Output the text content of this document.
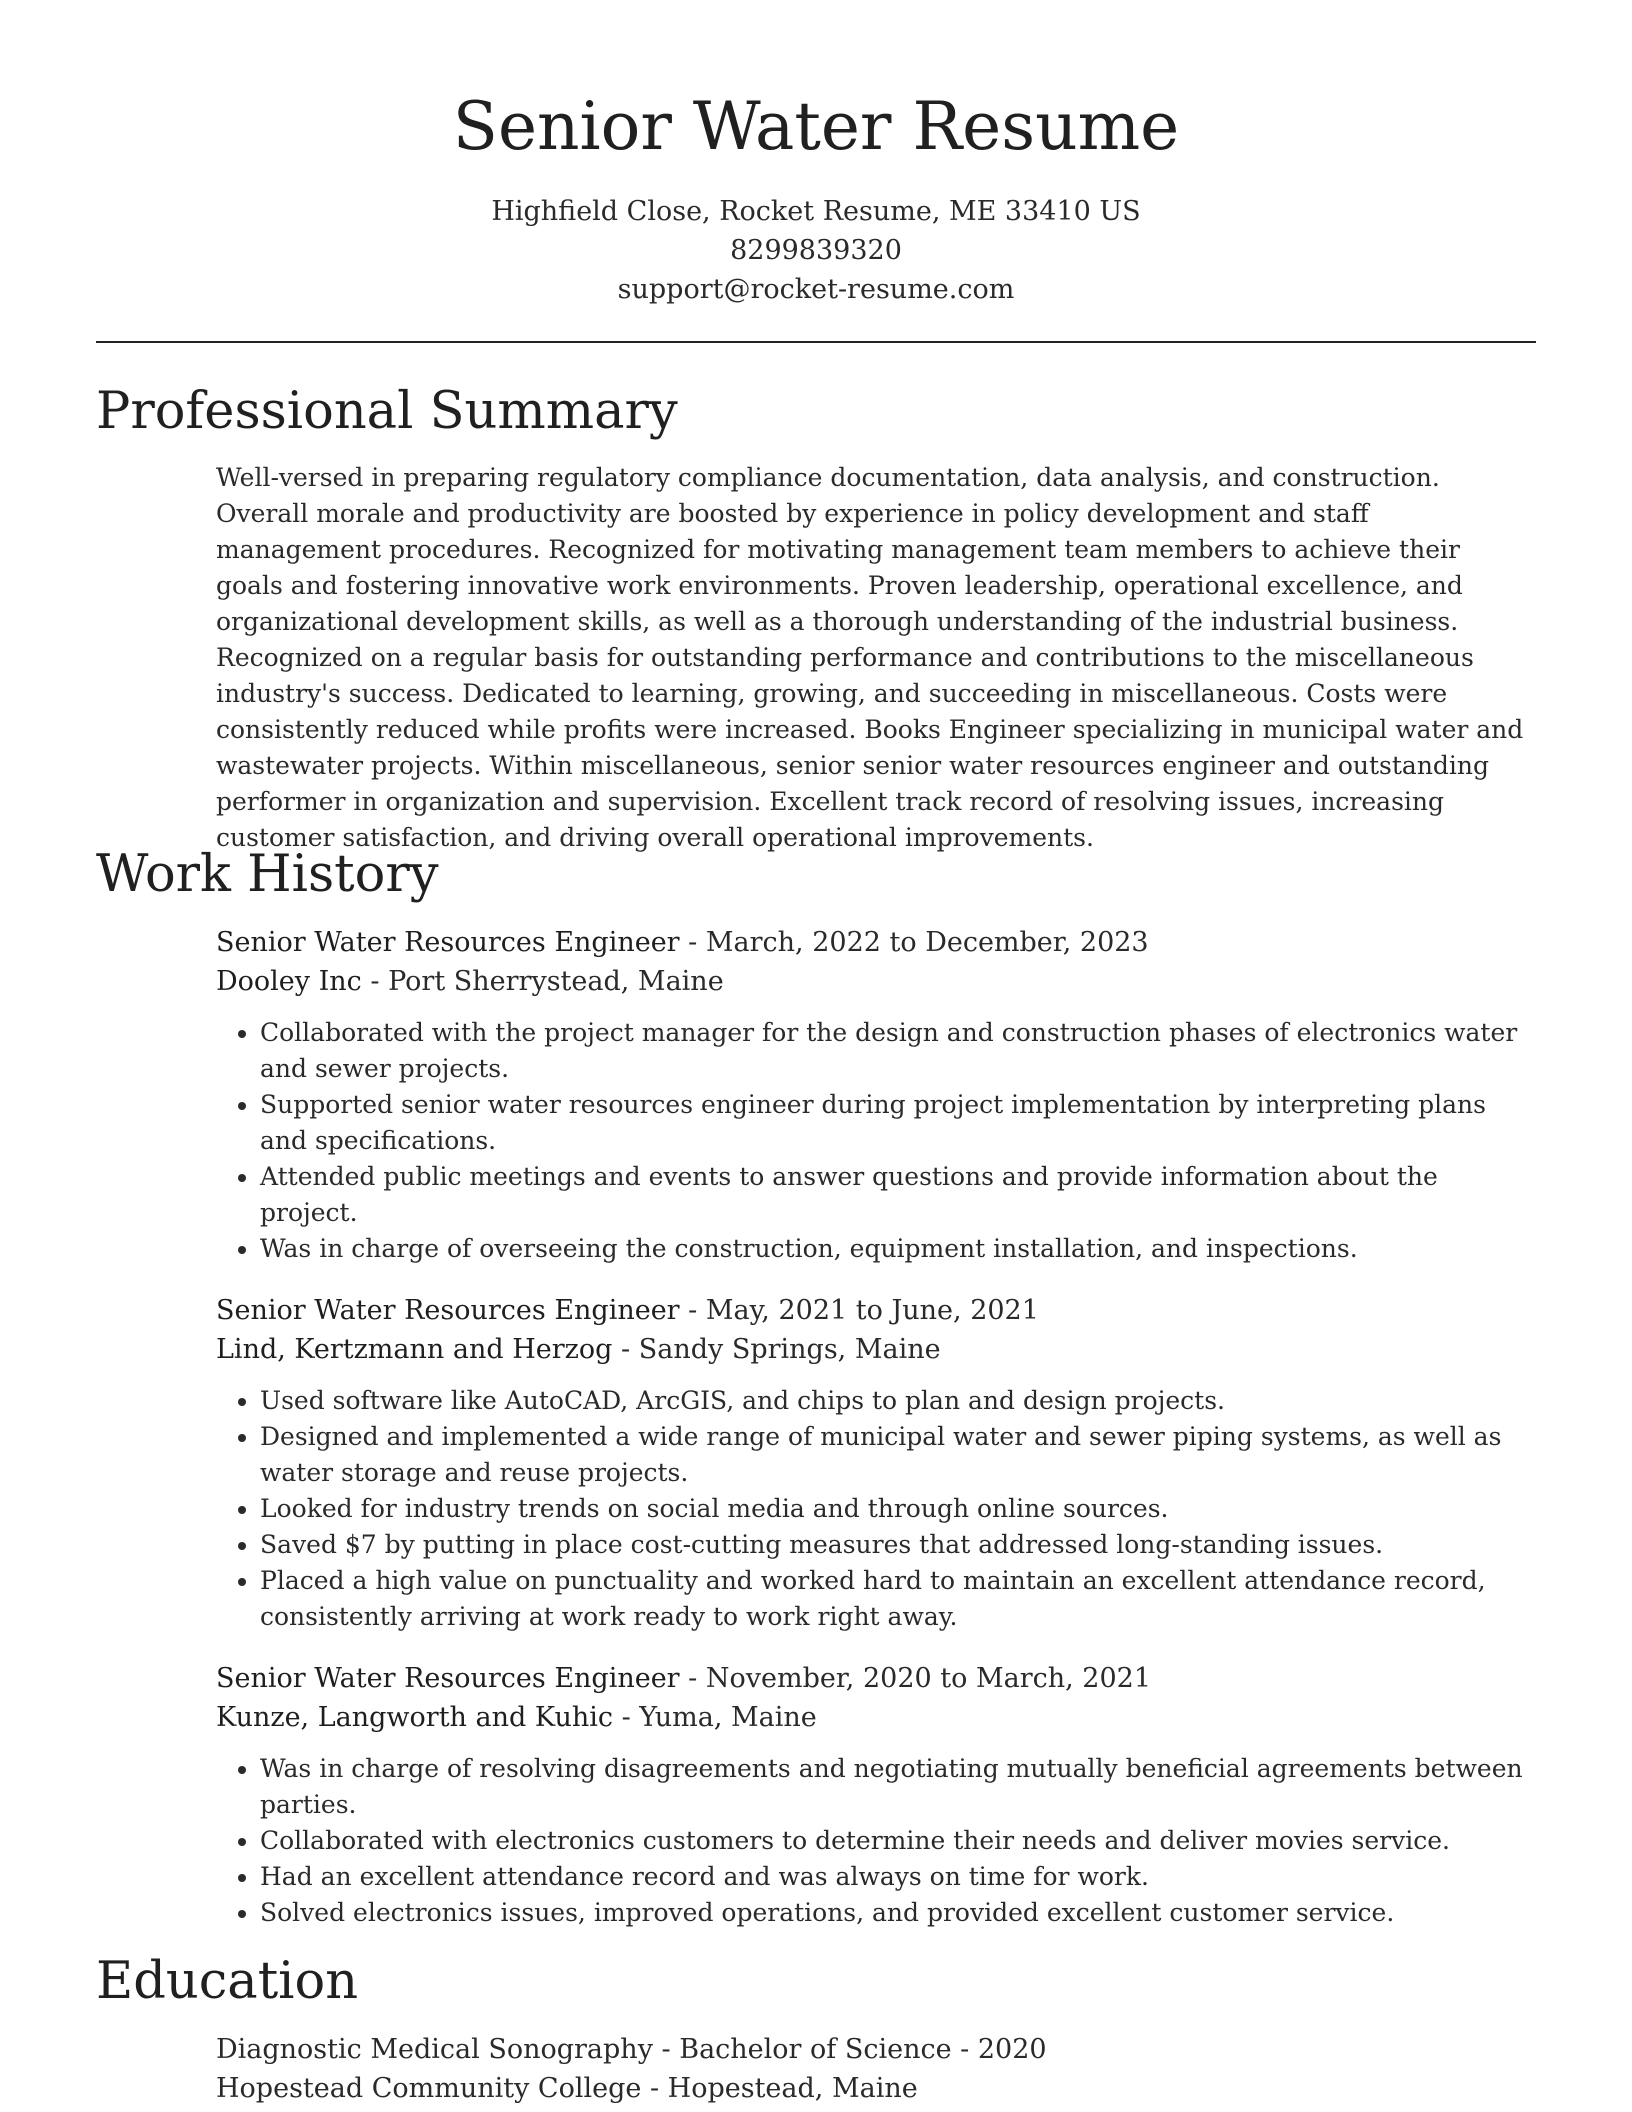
Senior Water Resume
Highfield Close, Rocket Resume, ME 33410 US
8299839320
support@rocket-resume.com
Professional Summary

Well-versed in preparing regulatory compliance documentation, data analysis, and construction. Overall morale and productivity are boosted by experience in policy development and staff management procedures. Recognized for motivating management team members to achieve their goals and fostering innovative work environments. Proven leadership, operational excellence, and organizational development skills, as well as a thorough understanding of the industrial business. Recognized on a regular basis for outstanding performance and contributions to the miscellaneous industry's success. Dedicated to learning, growing, and succeeding in miscellaneous. Costs were consistently reduced while profits were increased. Books Engineer specializing in municipal water and wastewater projects. Within miscellaneous, senior senior water resources engineer and outstanding performer in organization and supervision. Excellent track record of resolving issues, increasing customer satisfaction, and driving overall operational improvements.

Work History
Senior Water Resources Engineer - March, 2022 to December, 2023
Dooley Inc - Port Sherrystead, Maine
• Collaborated with the project manager for the design and construction phases of electronics water and sewer projects.
• Supported senior water resources engineer during project implementation by interpreting plans and specifications.
• Attended public meetings and events to answer questions and provide information about the project.
• Was in charge of overseeing the construction, equipment installation, and inspections.
Senior Water Resources Engineer - May, 2021 to June, 2021
Lind, Kertzmann and Herzog - Sandy Springs, Maine
• Used software like AutoCAD, ArcGIS, and chips to plan and design projects.
• Designed and implemented a wide range of municipal water and sewer piping systems, as well as water storage and reuse projects.
• Looked for industry trends on social media and through online sources.
• Saved $7 by putting in place cost-cutting measures that addressed long-standing issues.
• Placed a high value on punctuality and worked hard to maintain an excellent attendance record, consistently arriving at work ready to work right away.
Senior Water Resources Engineer - November, 2020 to March, 2021
Kunze, Langworth and Kuhic - Yuma, Maine
• Was in charge of resolving disagreements and negotiating mutually beneficial agreements between parties.
• Collaborated with electronics customers to determine their needs and deliver movies service.
• Had an excellent attendance record and was always on time for work.
• Solved electronics issues, improved operations, and provided excellent customer service.
Education
Diagnostic Medical Sonography - Bachelor of Science - 2020
Hopestead Community College - Hopestead, Maine
